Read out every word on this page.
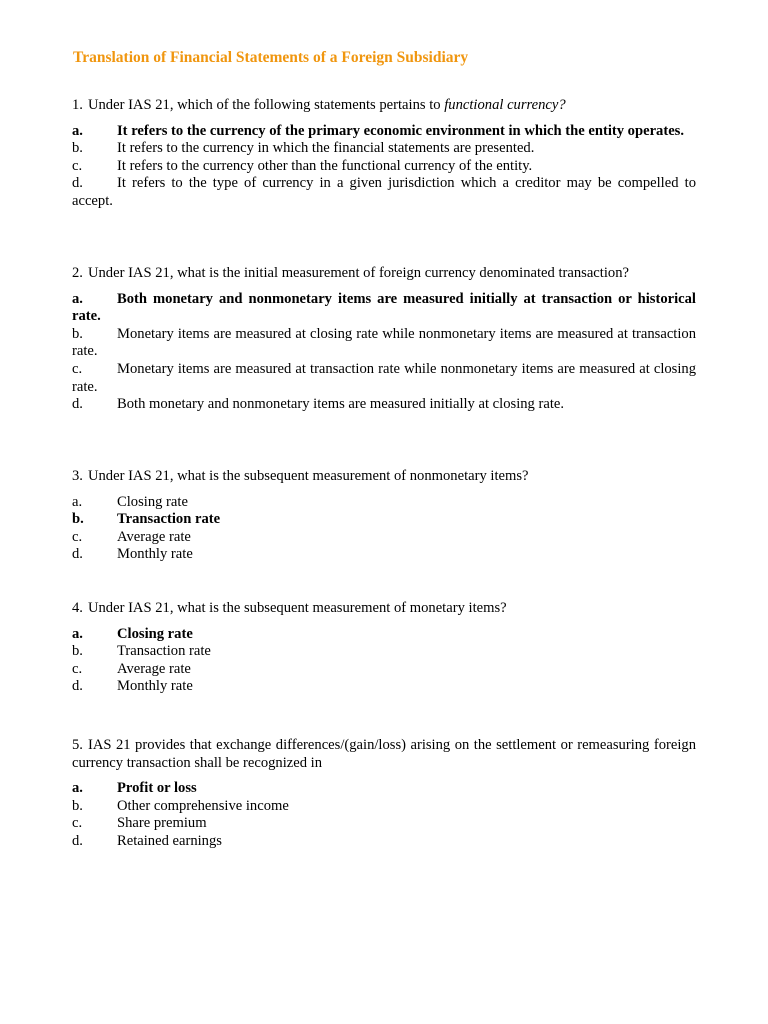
Translation of Financial Statements of a Foreign Subsidiary

1. Under IAS 21, which of the following statements pertains to functional currency?

a. It refers to the currency of the primary economic environment in which the entity operates.
b. It refers to the currency in which the financial statements are presented.
c. It refers to the currency other than the functional currency of the entity.
d. It refers to the type of currency in a given jurisdiction which a creditor may be compelled to accept.

2. Under IAS 21, what is the initial measurement of foreign currency denominated transaction?

a. Both monetary and nonmonetary items are measured initially at transaction or historical rate.
b. Monetary items are measured at closing rate while nonmonetary items are measured at transaction rate.
c. Monetary items are measured at transaction rate while nonmonetary items are measured at closing rate.
d. Both monetary and nonmonetary items are measured initially at closing rate.

3. Under IAS 21, what is the subsequent measurement of nonmonetary items?

a. Closing rate
b. Transaction rate
c. Average rate
d. Monthly rate

4. Under IAS 21, what is the subsequent measurement of monetary items?

a. Closing rate
b. Transaction rate
c. Average rate
d. Monthly rate

5. IAS 21 provides that exchange differences/(gain/loss) arising on the settlement or remeasuring foreign currency transaction shall be recognized in

a. Profit or loss
b. Other comprehensive income
c. Share premium
d. Retained earnings
